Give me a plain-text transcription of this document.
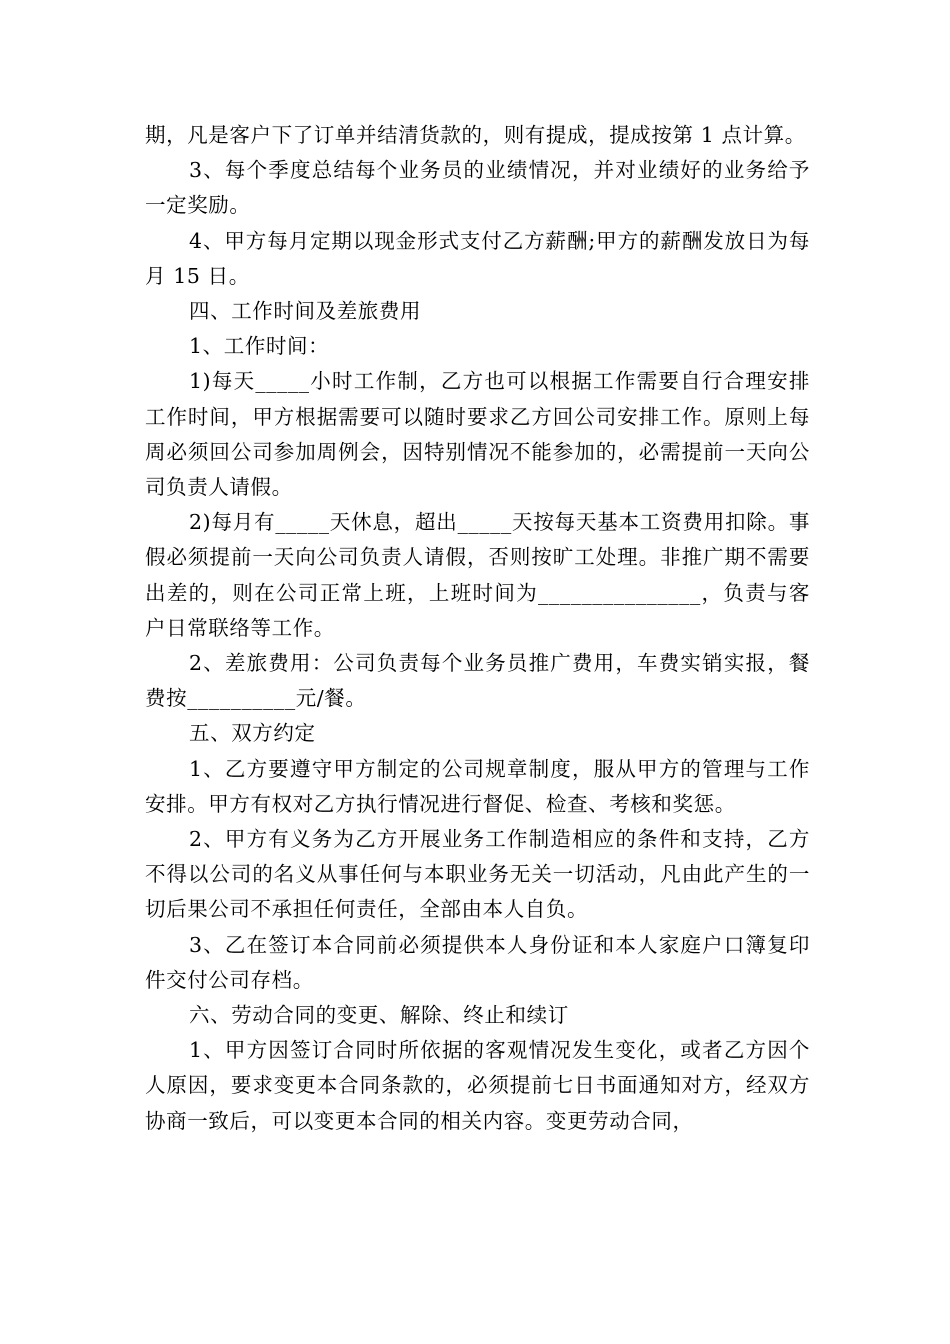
期，凡是客户下了订单并结清货款的，则有提成，提成按第 1 点计算。

3、每个季度总结每个业务员的业绩情况，并对业绩好的业务给予一定奖励。

4、甲方每月定期以现金形式支付乙方薪酬;甲方的薪酬发放日为每月 15 日。

四、工作时间及差旅费用

1、工作时间：

1)每天_____小时工作制，乙方也可以根据工作需要自行合理安排工作时间，甲方根据需要可以随时要求乙方回公司安排工作。原则上每周必须回公司参加周例会，因特别情况不能参加的，必需提前一天向公司负责人请假。

2)每月有_____天休息，超出_____天按每天基本工资费用扣除。事假必须提前一天向公司负责人请假，否则按旷工处理。非推广期不需要出差的，则在公司正常上班，上班时间为_______________，负责与客户日常联络等工作。

2、差旅费用：公司负责每个业务员推广费用，车费实销实报，餐费按__________元/餐。

五、双方约定

1、乙方要遵守甲方制定的公司规章制度，服从甲方的管理与工作安排。甲方有权对乙方执行情况进行督促、检查、考核和奖惩。

2、甲方有义务为乙方开展业务工作制造相应的条件和支持，乙方不得以公司的名义从事任何与本职业务无关一切活动，凡由此产生的一切后果公司不承担任何责任，全部由本人自负。

3、乙在签订本合同前必须提供本人身份证和本人家庭户口簿复印件交付公司存档。

六、劳动合同的变更、解除、终止和续订

1、甲方因签订合同时所依据的客观情况发生变化，或者乙方因个人原因，要求变更本合同条款的，必须提前七日书面通知对方，经双方协商一致后，可以变更本合同的相关内容。变更劳动合同，
